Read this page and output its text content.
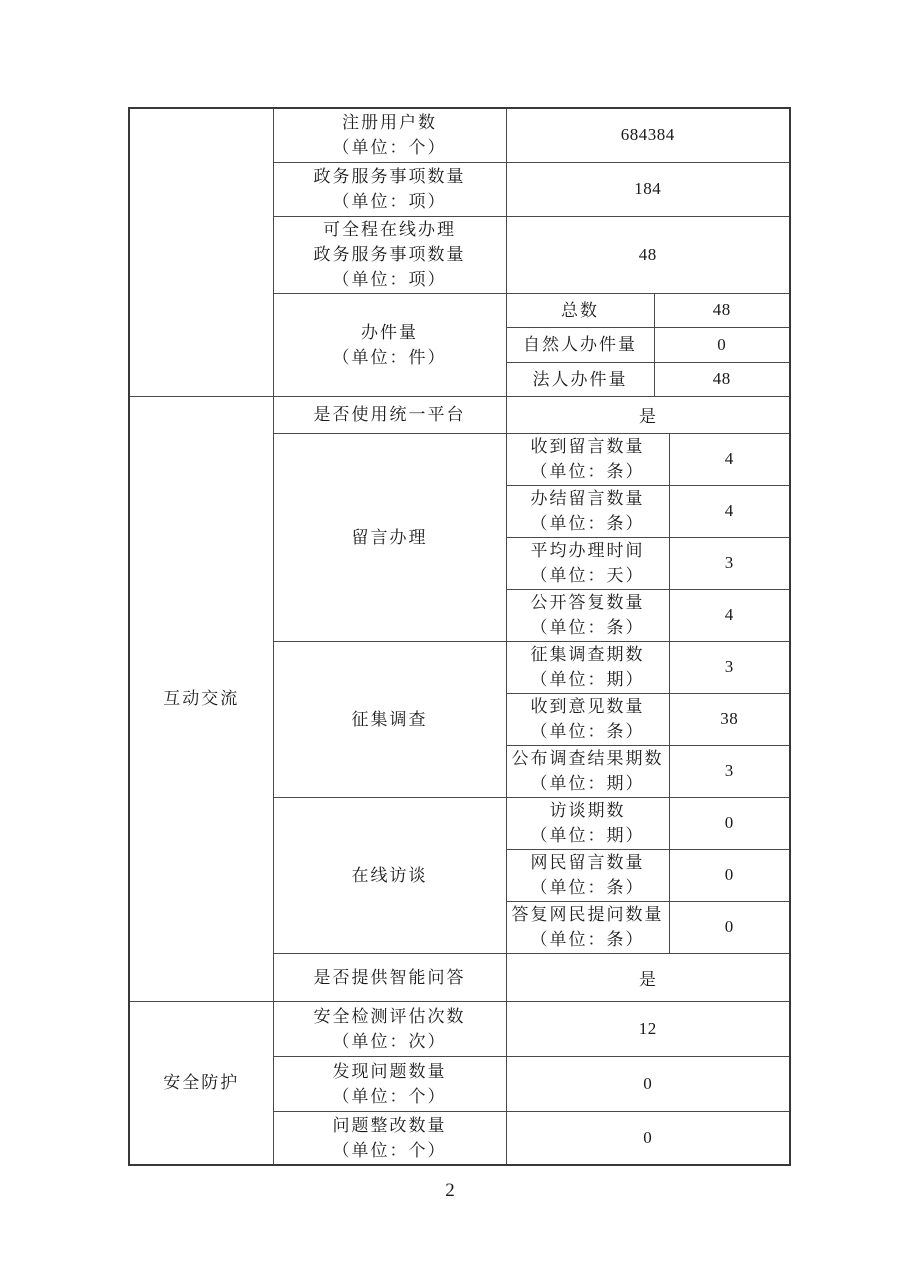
	注册用户数
（单位：个）	684384		

	政务服务事项数量
（单位：项）	184		

	可全程在线办理
政务服务事项数量
（单位：项）	48		

	办件量
（单位：件）	总数	48	

		自然人办件量	0	

		法人办件量	48	

互动交流	是否使用统一平台	是		

	留言办理	收到留言数量
（单位：条）		4

		办结留言数量
（单位：条）		4

		平均办理时间
（单位：天）		3

		公开答复数量
（单位：条）		4

	征集调查	征集调查期数
（单位：期）		3

		收到意见数量
（单位：条）		38

		公布调查结果期数
（单位：期）		3

	在线访谈	访谈期数
（单位：期）		0

		网民留言数量
（单位：条）		0

		答复网民提问数量
（单位：条）		0

	是否提供智能问答	是		

安全防护	安全检测评估次数
（单位：次）	12		

	发现问题数量
（单位：个）	0		

	问题整改数量
（单位：个）	0		
2
